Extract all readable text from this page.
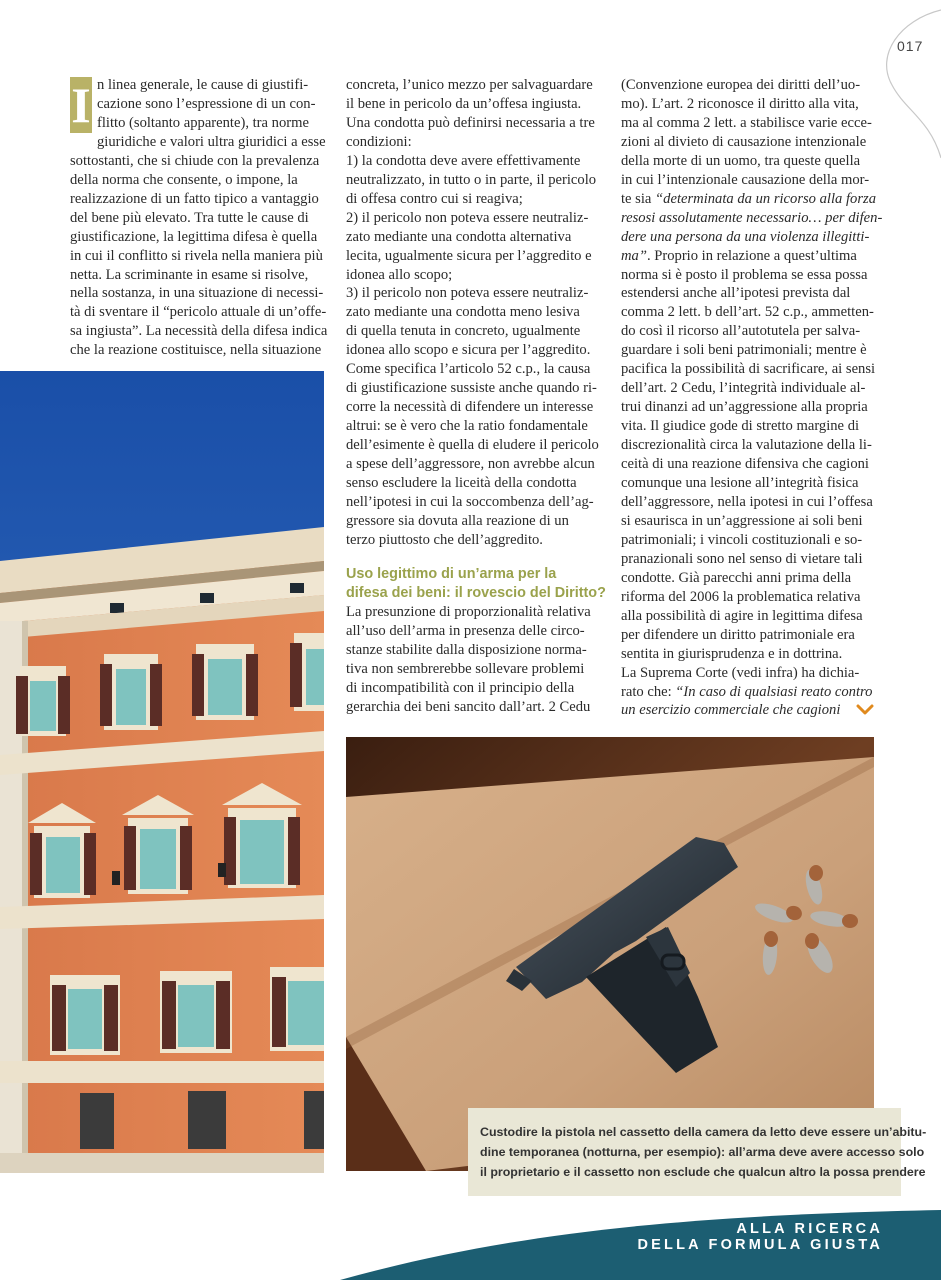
017
I n linea generale, le cause di giustifi-
cazione sono l’espressione di un con-
flitto (soltanto apparente), tra norme
giuridiche e valori ultra giuridici a esse
sottostanti, che si chiude con la prevalenza
della norma che consente, o impone, la
realizzazione di un fatto tipico a vantaggio
del bene più elevato. Tra tutte le cause di
giustificazione, la legittima difesa è quella
in cui il conflitto si rivela nella maniera più
netta. La scriminante in esame si risolve,
nella sostanza, in una situazione di necessi-
tà di sventare il “pericolo attuale di un’offe-
sa ingiusta”. La necessità della difesa indica
che la reazione costituisce, nella situazione
concreta, l’unico mezzo per salvaguardare
il bene in pericolo da un’offesa ingiusta.
Una condotta può definirsi necessaria a tre
condizioni:
1) la condotta deve avere effettivamente
neutralizzato, in tutto o in parte, il pericolo
di offesa contro cui si reagiva;
2) il pericolo non poteva essere neutraliz-
zato mediante una condotta alternativa
lecita, ugualmente sicura per l’aggredito e
idonea allo scopo;
3) il pericolo non poteva essere neutraliz-
zato mediante una condotta meno lesiva
di quella tenuta in concreto, ugualmente
idonea allo scopo e sicura per l’aggredito.
Come specifica l’articolo 52 c.p., la causa
di giustificazione sussiste anche quando ri-
corre la necessità di difendere un interesse
altrui: se è vero che la ratio fondamentale
dell’esimente è quella di eludere il pericolo
a spese dell’aggressore, non avrebbe alcun
senso escludere la liceità della condotta
nell’ipotesi in cui la soccombenza dell’ag-
gressore sia dovuta alla reazione di un
terzo piuttosto che dell’aggredito.
Uso legittimo di un’arma per la
difesa dei beni: il rovescio del Diritto?
La presunzione di proporzionalità relativa
all’uso dell’arma in presenza delle circo-
stanze stabilite dalla disposizione norma-
tiva non sembrerebbe sollevare problemi
di incompatibilità con il principio della
gerarchia dei beni sancito dall’art. 2 Cedu
(Convenzione europea dei diritti dell’uo-
mo). L’art. 2 riconosce il diritto alla vita,
ma al comma 2 lett. a stabilisce varie ecce-
zioni al divieto di causazione intenzionale
della morte di un uomo, tra queste quella
in cui l’intenzionale causazione della mor-
te sia “determinata da un ricorso alla forza
resosi assolutamente necessario… per difen-
dere una persona da una violenza illegitti-
ma”. Proprio in relazione a quest’ultima
norma si è posto il problema se essa possa
estendersi anche all’ipotesi prevista dal
comma 2 lett. b dell’art. 52 c.p., ammetten-
do così il ricorso all’autotutela per salva-
guardare i soli beni patrimoniali; mentre è
pacifica la possibilità di sacrificare, ai sensi
dell’art. 2 Cedu, l’integrità individuale al-
trui dinanzi ad un’aggressione alla propria
vita. Il giudice gode di stretto margine di
discrezionalità circa la valutazione della li-
ceità di una reazione difensiva che cagioni
comunque una lesione all’integrità fisica
dell’aggressore, nella ipotesi in cui l’offesa
si esaurisca in un’aggressione ai soli beni
patrimoniali; i vincoli costituzionali e so-
pranazionali sono nel senso di vietare tali
condotte. Già parecchi anni prima della
riforma del 2006 la problematica relativa
alla possibilità di agire in legittima difesa
per difendere un diritto patrimoniale era
sentita in giurisprudenza e in dottrina.
La Suprema Corte (vedi infra) ha dichia-
rato che: “In caso di qualsiasi reato contro
un esercizio commerciale che cagioni
Custodire la pistola nel cassetto della camera da letto deve essere un’abitu-
dine temporanea (notturna, per esempio): all’arma deve avere accesso solo
il proprietario e il cassetto non esclude che qualcun altro la possa prendere
ALLA RICERCA
DELLA FORMULA GIUSTA
